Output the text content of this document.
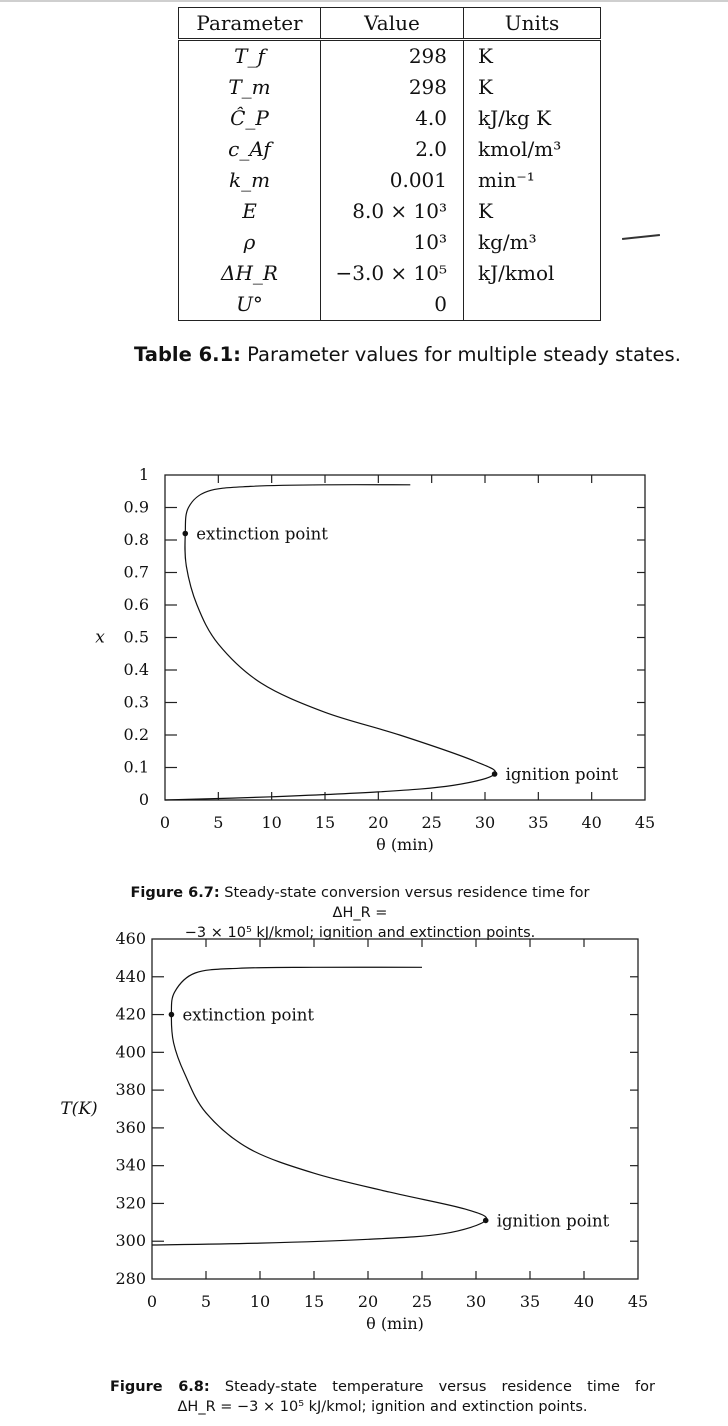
Parameter	Value	Units
T_f	298	K
T_m	298	K
Ĉ_P	4.0	kJ/kg K
c_Af	2.0	kmol/m³
k_m	0.001	min⁻¹
E	8.0 × 10³	K
ρ	10³	kg/m³
ΔH_R	−3.0 × 10⁵	kJ/kmol
U°	0	
Table 6.1: Parameter values for multiple steady states.
0	5 10 15 20 25 30 35 40 45
0
0.1
0.2
0.3
0.4
0.5
0.6
0.7
0.8
0.9
1
θ (min)
x
extinction point
ignition point
Figure 6.7: Steady-state conversion versus residence time for ΔH_R =
−3 × 10⁵ kJ/kmol; ignition and extinction points.
0	5 10 15 20 25 30 35 40 45
280
300
320
340
360
380
400
420
440
460
θ (min)
T(K)
extinction point
ignition point
Figure 6.8: Steady-state temperature versus residence time for
ΔH_R = −3 × 10⁵ kJ/kmol; ignition and extinction points.
